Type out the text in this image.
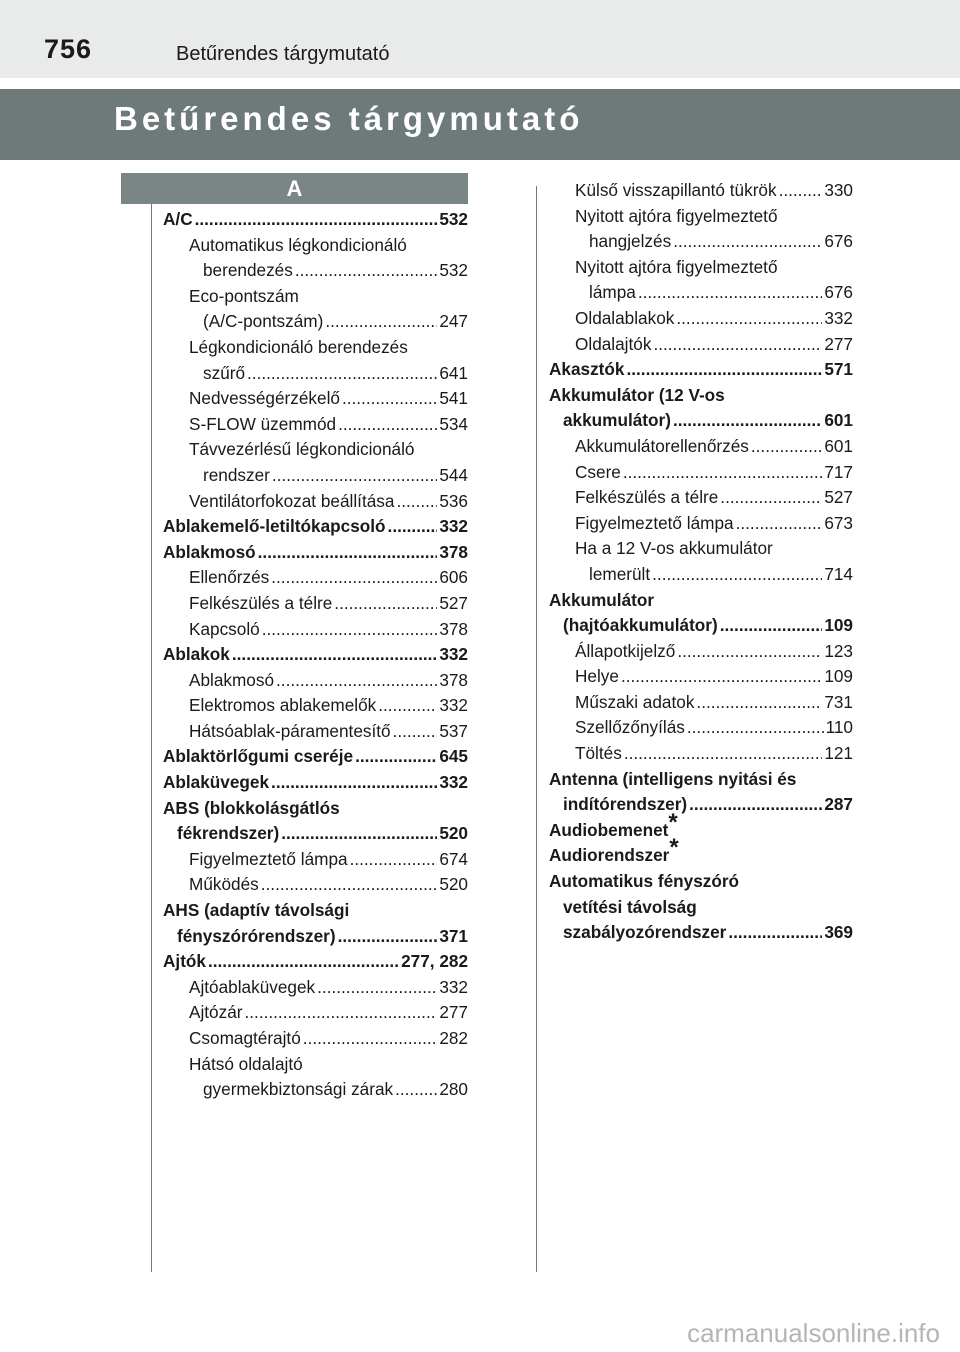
756	Betűrendes tárgymutató
Betűrendes tárgymutató
A
A/C .....	532
Automatikus légkondicionáló
berendezés .....	532
Eco-pontszám
(A/C-pontszám) .....	247
Légkondicionáló berendezés
szűrő .....	641
Nedvességérzékelő .....	541
S-FLOW üzemmód .....	534
Távvezérlésű légkondicionáló
rendszer .....	544
Ventilátorfokozat beállítása .....	536
Ablakemelő-letiltókapcsoló .....	332
Ablakmosó .....	378
Ellenőrzés .....	606
Felkészülés a télre .....	527
Kapcsoló .....	378
Ablakok .....	332
Ablakmosó .....	378
Elektromos ablakemelők .....	332
Hátsóablak-páramentesítő .....	537
Ablaktörlőgumi cseréje .....	645
Ablaküvegek .....	332
ABS (blokkolásgátlós
fékrendszer) .....	520
Figyelmeztető lámpa .....	674
Működés .....	520
AHS (adaptív távolsági
fényszórórendszer) .....	371
Ajtók .....	277, 282
Ajtóablaküvegek .....	332
Ajtózár .....	277
Csomagtérajtó .....	282
Hátsó oldalajtó
gyermekbiztonsági zárak .....	280
Külső visszapillantó tükrök .....	330
Nyitott ajtóra figyelmeztető
hangjelzés .....	676
Nyitott ajtóra figyelmeztető
lámpa .....	676
Oldalablakok .....	332
Oldalajtók .....	277
Akasztók .....	571
Akkumulátor (12 V-os
akkumulátor) .....	601
Akkumulátorellenőrzés .....	601
Csere .....	717
Felkészülés a télre .....	527
Figyelmeztető lámpa .....	673
Ha a 12 V-os akkumulátor
lemerült .....	714
Akkumulátor
(hajtóakkumulátor) .....	109
Állapotkijelző .....	123
Helye .....	109
Műszaki adatok .....	731
Szellőzőnyílás .....	110
Töltés .....	121
Antenna (intelligens nyitási és
indítórendszer) .....	287
Audiobemenet*
Audiorendszer*
Automatikus fényszóró
vetítési távolság
szabályozórendszer .....	369
carmanualsonline.info
